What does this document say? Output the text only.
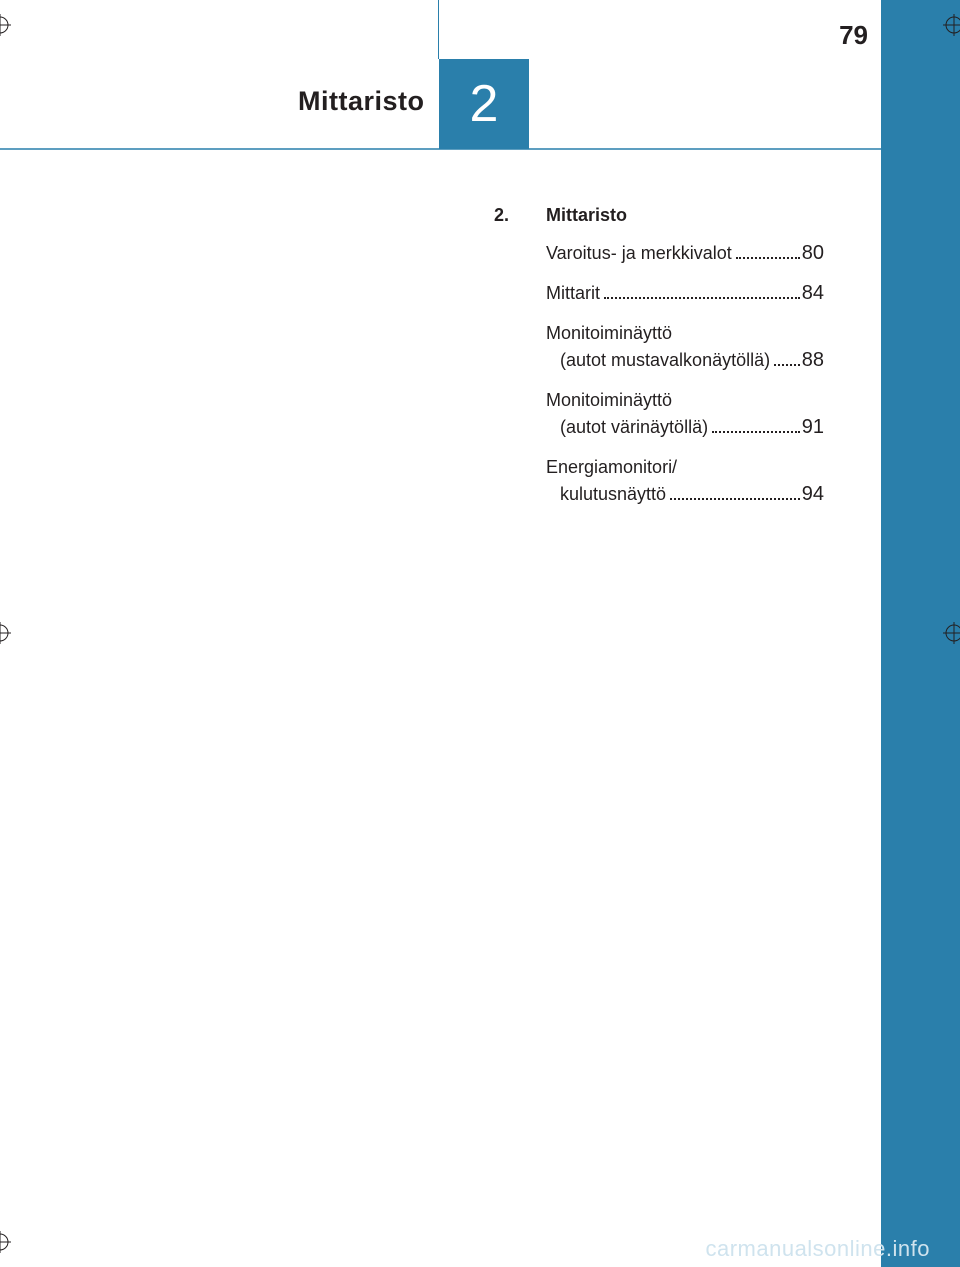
79
Mittaristo 2
2.	Mittaristo
Varoitus- ja merkkivalot	80
Mittarit	84
Monitoiminäyttö
(autot mustavalkonäytöllä) 88
Monitoiminäyttö
(autot värinäytöllä)	91
Energiamonitori/
kulutusnäyttö	94
carmanualsonline.info
